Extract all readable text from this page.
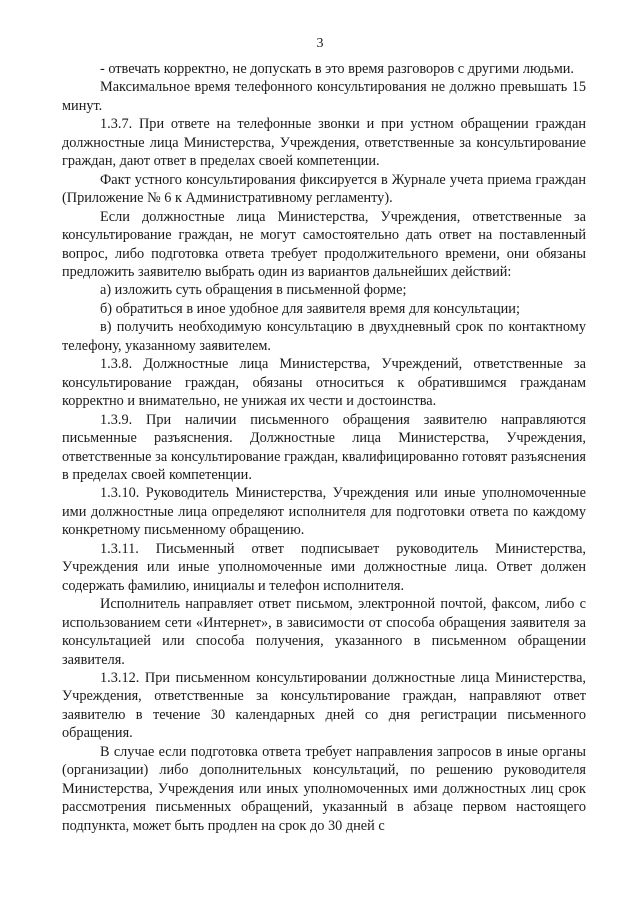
3

- отвечать корректно, не допускать в это время разговоров с другими людьми.

Максимальное время телефонного консультирования не должно превышать 15 минут.

1.3.7. При ответе на телефонные звонки и при устном обращении граждан должностные лица Министерства, Учреждения, ответственные за консультирование граждан, дают ответ в пределах своей компетенции.

Факт устного консультирования фиксируется в Журнале учета приема граждан (Приложение № 6 к Административному регламенту).

Если должностные лица Министерства, Учреждения, ответственные за консультирование граждан, не могут самостоятельно дать ответ на поставленный вопрос, либо подготовка ответа требует продолжительного времени, они обязаны предложить заявителю выбрать один из вариантов дальнейших действий:

а) изложить суть обращения в письменной форме;

б) обратиться в иное удобное для заявителя время для консультации;

в) получить необходимую консультацию в двухдневный срок по контактному телефону, указанному заявителем.

1.3.8. Должностные лица Министерства, Учреждений, ответственные за консультирование граждан, обязаны относиться к обратившимся гражданам корректно и внимательно, не унижая их чести и достоинства.

1.3.9. При наличии письменного обращения заявителю направляются письменные разъяснения. Должностные лица Министерства, Учреждения, ответственные за консультирование граждан, квалифицированно готовят разъяснения в пределах своей компетенции.

1.3.10. Руководитель Министерства, Учреждения или иные уполномоченные ими должностные лица определяют исполнителя для подготовки ответа по каждому конкретному письменному обращению.

1.3.11. Письменный ответ подписывает руководитель Министерства, Учреждения или иные уполномоченные ими должностные лица. Ответ должен содержать фамилию, инициалы и телефон исполнителя.

Исполнитель направляет ответ письмом, электронной почтой, факсом, либо с использованием сети «Интернет», в зависимости от способа обращения заявителя за консультацией или способа получения, указанного в письменном обращении заявителя.

1.3.12. При письменном консультировании должностные лица Министерства, Учреждения, ответственные за консультирование граждан, направляют ответ заявителю в течение 30 календарных дней со дня регистрации письменного обращения.

В случае если подготовка ответа требует направления запросов в иные органы (организации) либо дополнительных консультаций, по решению руководителя Министерства, Учреждения или иных уполномоченных ими должностных лиц срок рассмотрения письменных обращений, указанный в абзаце первом настоящего подпункта, может быть продлен на срок до 30 дней с
